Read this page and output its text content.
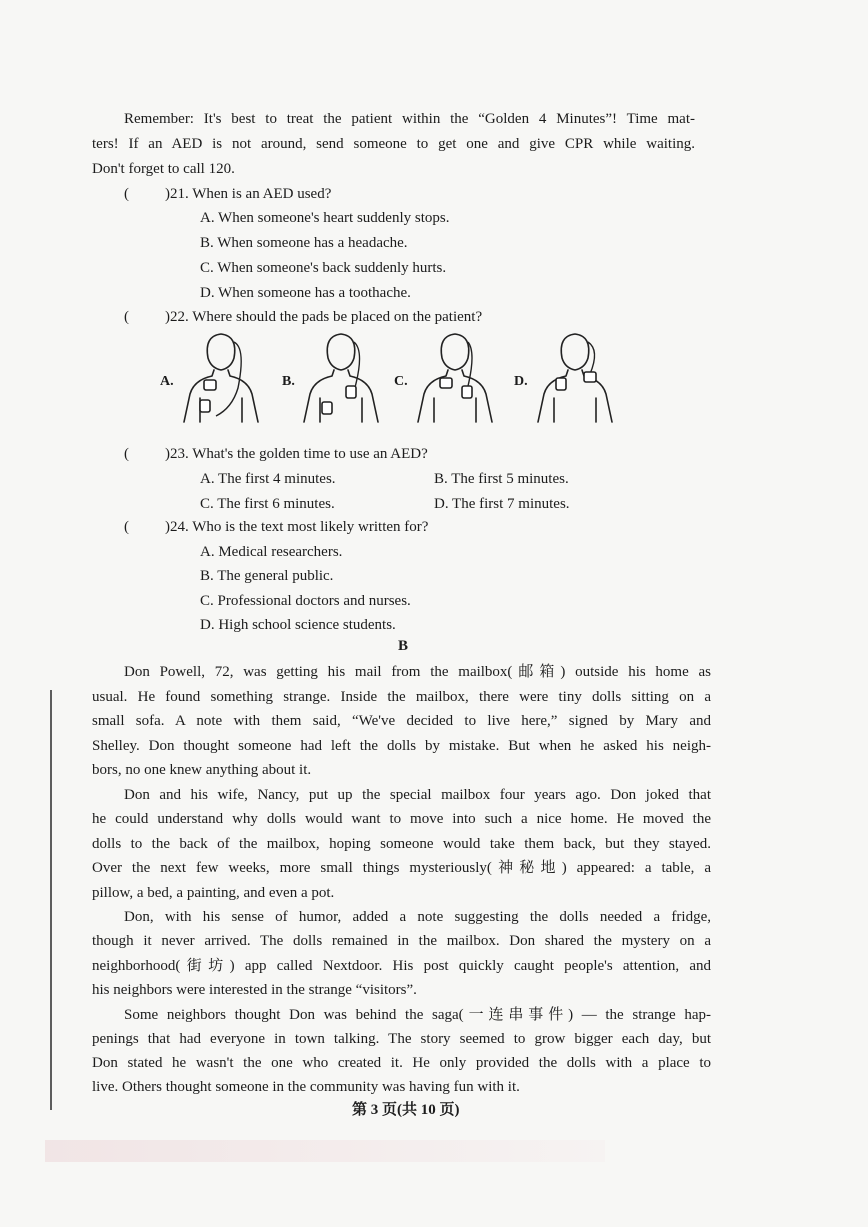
Remember: It's best to treat the patient within the “Golden 4 Minutes”! Time mat-
ters! If an AED is not around, send someone to get one and give CPR while waiting.
Don't forget to call 120.
( )21. When is an AED used?
A. When someone's heart suddenly stops.
B. When someone has a headache.
C. When someone's back suddenly hurts.
D. When someone has a toothache.
( )22. Where should the pads be placed on the patient?
A.	B.	C.	D.
( )23. What's the golden time to use an AED?
A. The first 4 minutes.	B. The first 5 minutes.
C. The first 6 minutes.	D. The first 7 minutes.
( )24. Who is the text most likely written for?
A. Medical researchers.
B. The general public.
C. Professional doctors and nurses.
D. High school science students.
B
Don Powell, 72, was getting his mail from the mailbox(邮箱) outside his home as
usual. He found something strange. Inside the mailbox, there were tiny dolls sitting on a
small sofa. A note with them said, “We've decided to live here,” signed by Mary and
Shelley. Don thought someone had left the dolls by mistake. But when he asked his neigh-
bors, no one knew anything about it.
Don and his wife, Nancy, put up the special mailbox four years ago. Don joked that
he could understand why dolls would want to move into such a nice home. He moved the
dolls to the back of the mailbox, hoping someone would take them back, but they stayed.
Over the next few weeks, more small things mysteriously(神秘地) appeared: a table, a
pillow, a bed, a painting, and even a pot.
Don, with his sense of humor, added a note suggesting the dolls needed a fridge,
though it never arrived. The dolls remained in the mailbox. Don shared the mystery on a
neighborhood(街坊) app called Nextdoor. His post quickly caught people's attention, and
his neighbors were interested in the strange “visitors”.
Some neighbors thought Don was behind the saga(一连串事件) — the strange hap-
penings that had everyone in town talking. The story seemed to grow bigger each day, but
Don stated he wasn't the one who created it. He only provided the dolls with a place to
live. Others thought someone in the community was having fun with it.
第 3 页(共 10 页)
